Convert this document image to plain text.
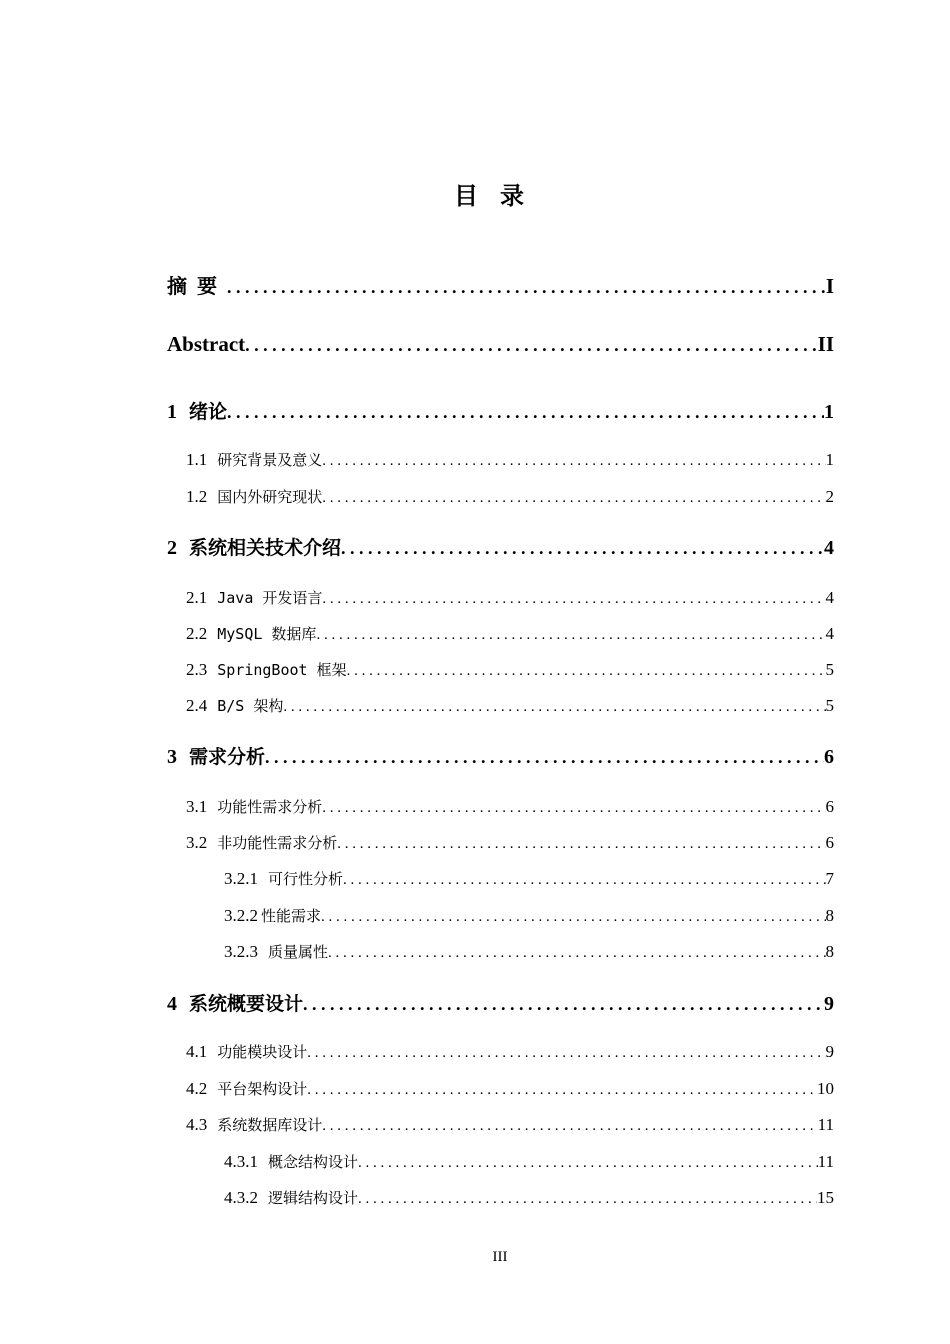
目录
摘要 . . .	I
Abstract . . .	II
1 绪论 . . .	1
1.1 研究背景及意义 . . .	1
1.2 国内外研究现状 . . .	2
2 系统相关技术介绍 . . .	4
2.1 Java 开发语言 . . .	4
2.2 MySQL 数据库 . . .	4
2.3 SpringBoot 框架 . . .	5
2.4 B/S 架构 . . .	5
3 需求分析 . . .	6
3.1 功能性需求分析 . . .	6
3.2 非功能性需求分析 . . .	6
3.2.1 可行性分析 . . .	7
3.2.2 性能需求 . . .	8
3.2.3 质量属性 . . .	8
4 系统概要设计 . . .	9
4.1 功能模块设计 . . .	9
4.2 平台架构设计 . . .	10
4.3 系统数据库设计 . . .	11
4.3.1 概念结构设计 . . .	11
4.3.2 逻辑结构设计 . . .	15
III
